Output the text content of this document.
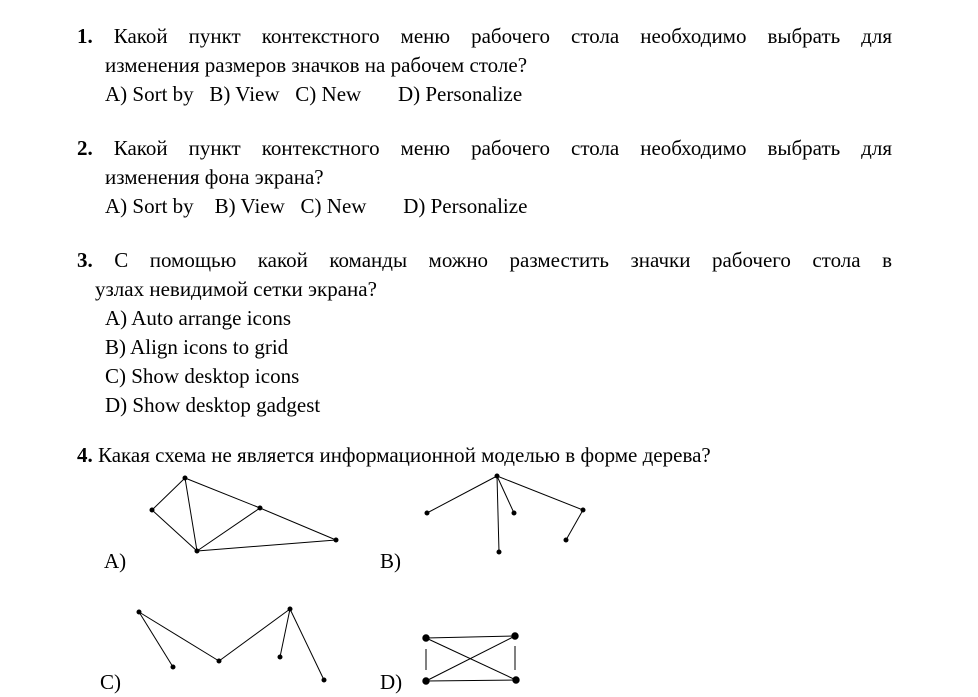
1. Какой пункт контекстного меню рабочего стола необходимо выбрать для
изменения размеров значков на рабочем столе?
A) Sort by B) View C) New D) Personalize
2. Какой пункт контекстного меню рабочего стола необходимо выбрать для
изменения фона экрана?
A) Sort by B) View C) New D) Personalize
3. С помощью какой команды можно разместить значки рабочего стола в
узлах невидимой сетки экрана?
A) Auto arrange icons
B) Align icons to grid
C) Show desktop icons
D) Show desktop gadgest
4. Какая схема не является информационной моделью в форме дерева?
A)	B)
C)	D)
